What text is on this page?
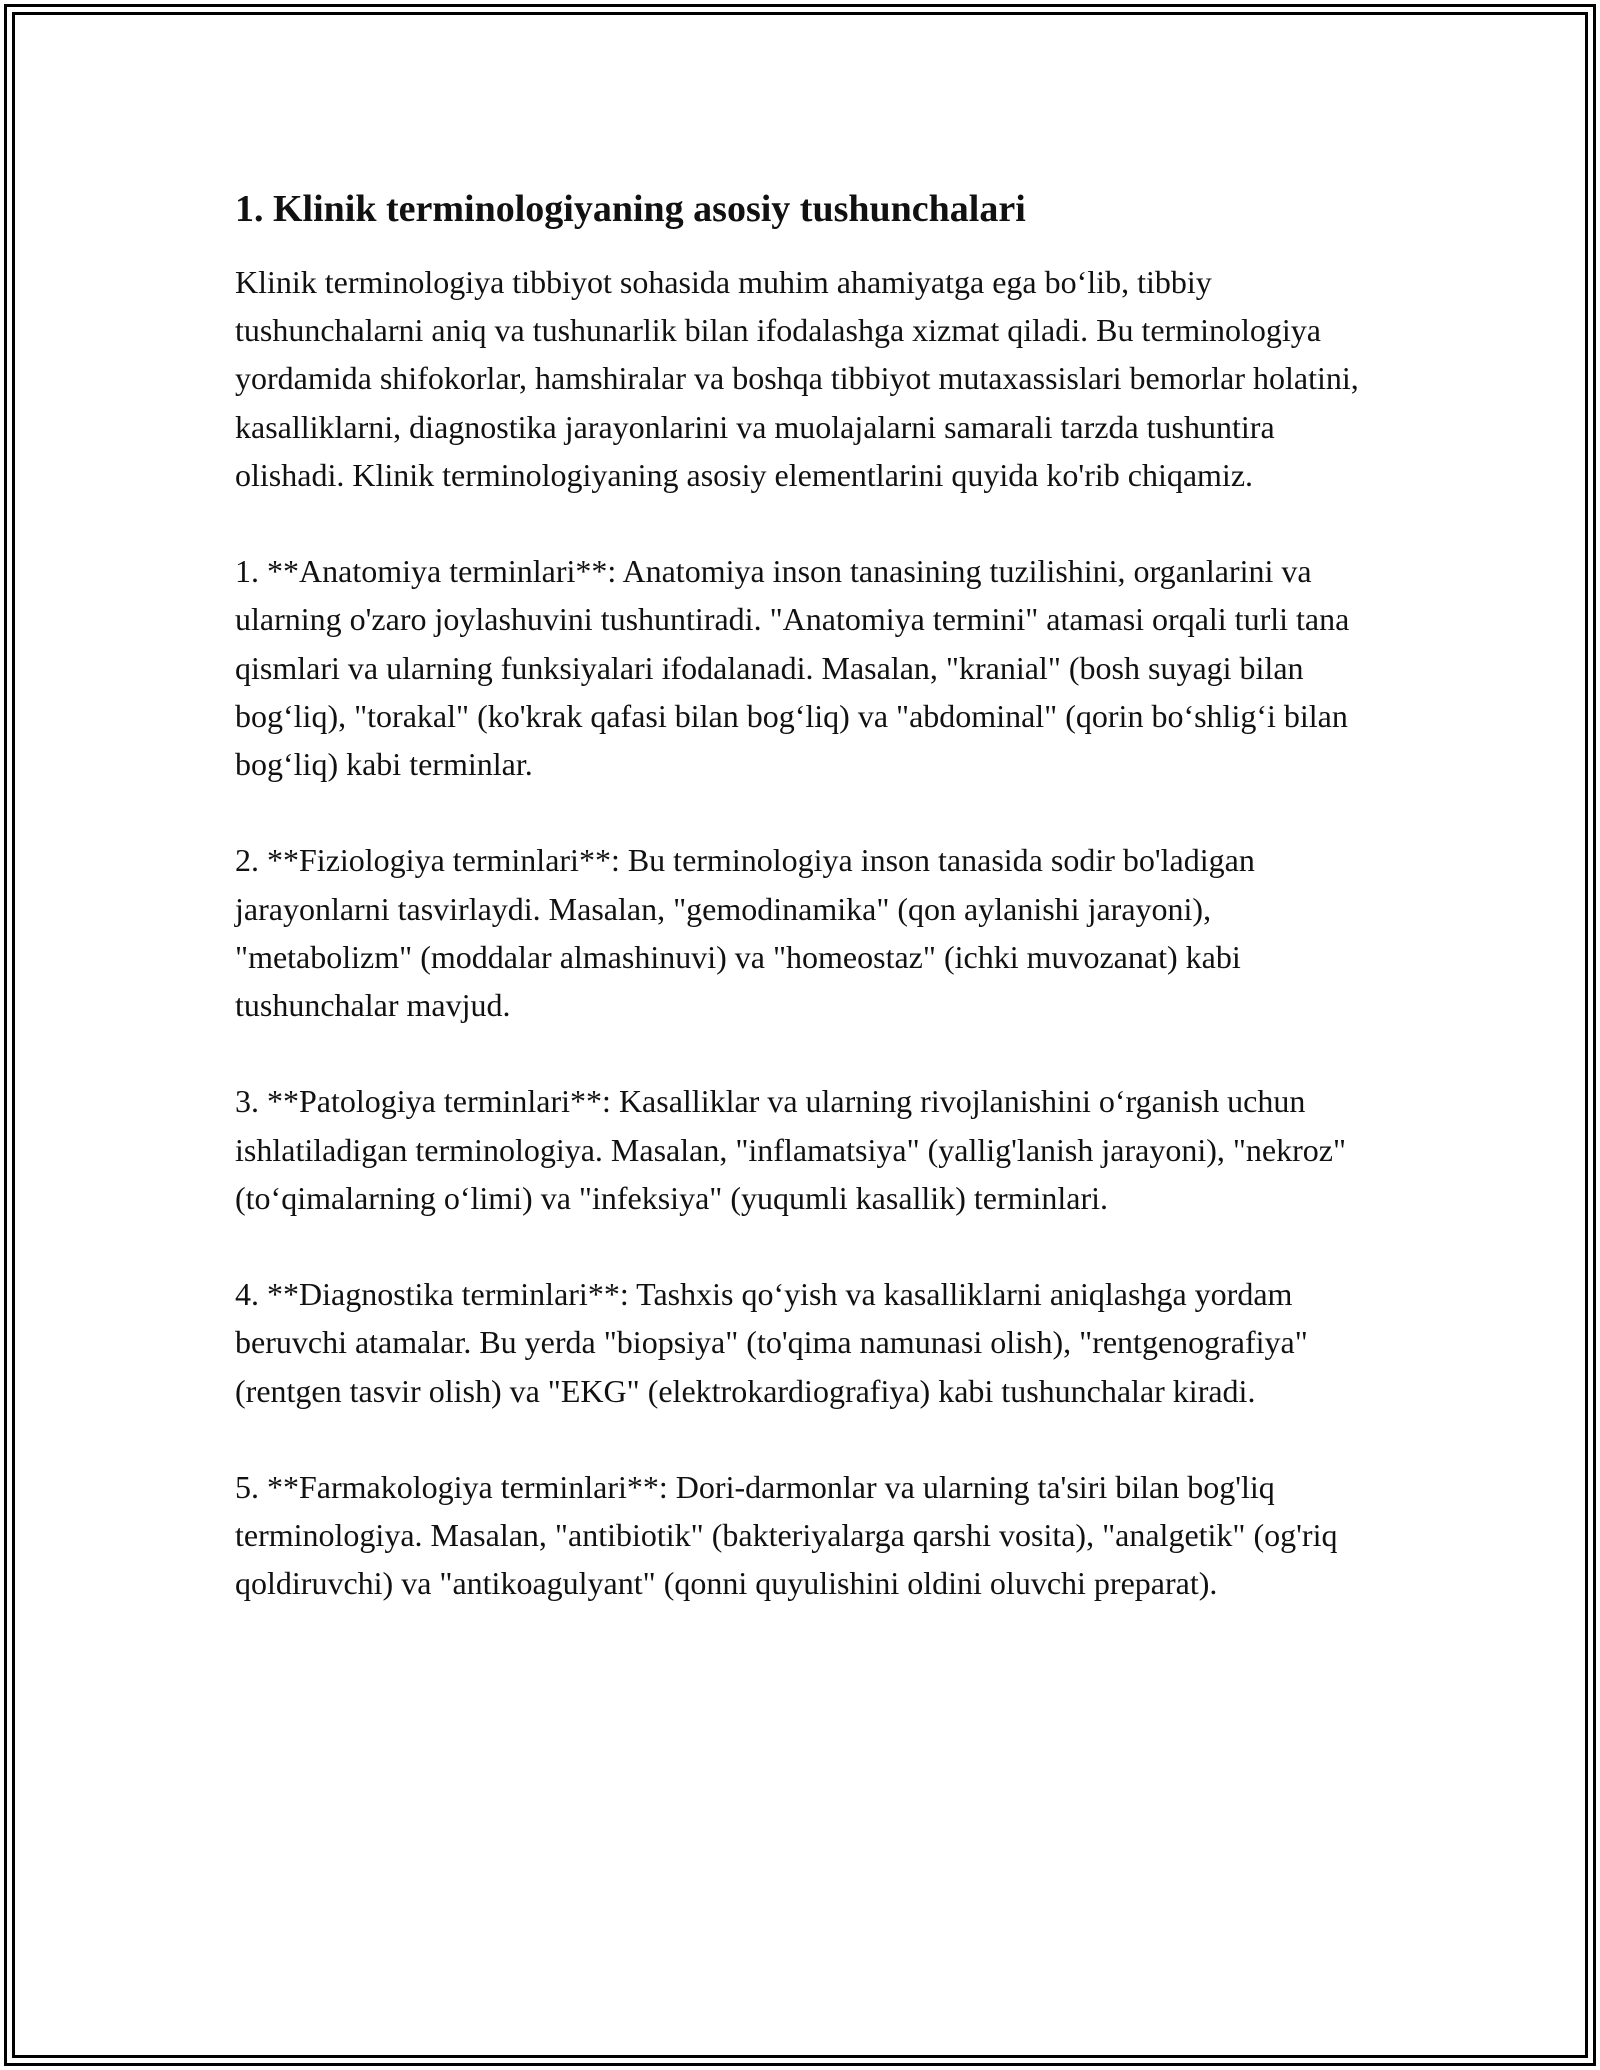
1. Klinik terminologiyaning asosiy tushunchalari

Klinik terminologiya tibbiyot sohasida muhim ahamiyatga ega bo‘lib, tibbiy tushunchalarni aniq va tushunarlik bilan ifodalashga xizmat qiladi. Bu terminologiya yordamida shifokorlar, hamshiralar va boshqa tibbiyot mutaxassislari bemorlar holatini, kasalliklarni, diagnostika jarayonlarini va muolajalarni samarali tarzda tushuntira olishadi. Klinik terminologiyaning asosiy elementlarini quyida ko'rib chiqamiz.

1. **Anatomiya terminlari**: Anatomiya inson tanasining tuzilishini, organlarini va ularning o'zaro joylashuvini tushuntiradi. "Anatomiya termini" atamasi orqali turli tana qismlari va ularning funksiyalari ifodalanadi. Masalan, "kranial" (bosh suyagi bilan bog‘liq), "torakal" (ko'krak qafasi bilan bog‘liq) va "abdominal" (qorin bo‘shlig‘i bilan bog‘liq) kabi terminlar.

2. **Fiziologiya terminlari**: Bu terminologiya inson tanasida sodir bo'ladigan jarayonlarni tasvirlaydi. Masalan, "gemodinamika" (qon aylanishi jarayoni), "metabolizm" (moddalar almashinuvi) va "homeostaz" (ichki muvozanat) kabi tushunchalar mavjud.

3. **Patologiya terminlari**: Kasalliklar va ularning rivojlanishini o‘rganish uchun ishlatiladigan terminologiya. Masalan, "inflamatsiya" (yallig'lanish jarayoni), "nekroz" (to‘qimalarning o‘limi) va "infeksiya" (yuqumli kasallik) terminlari.

4. **Diagnostika terminlari**: Tashxis qo‘yish va kasalliklarni aniqlashga yordam beruvchi atamalar. Bu yerda "biopsiya" (to'qima namunasi olish), "rentgenografiya" (rentgen tasvir olish) va "EKG" (elektrokardiografiya) kabi tushunchalar kiradi.

5. **Farmakologiya terminlari**: Dori-darmonlar va ularning ta'siri bilan bog'liq terminologiya. Masalan, "antibiotik" (bakteriyalarga qarshi vosita), "analgetik" (og'riq qoldiruvchi) va "antikoagulyant" (qonni quyulishini oldini oluvchi preparat).
